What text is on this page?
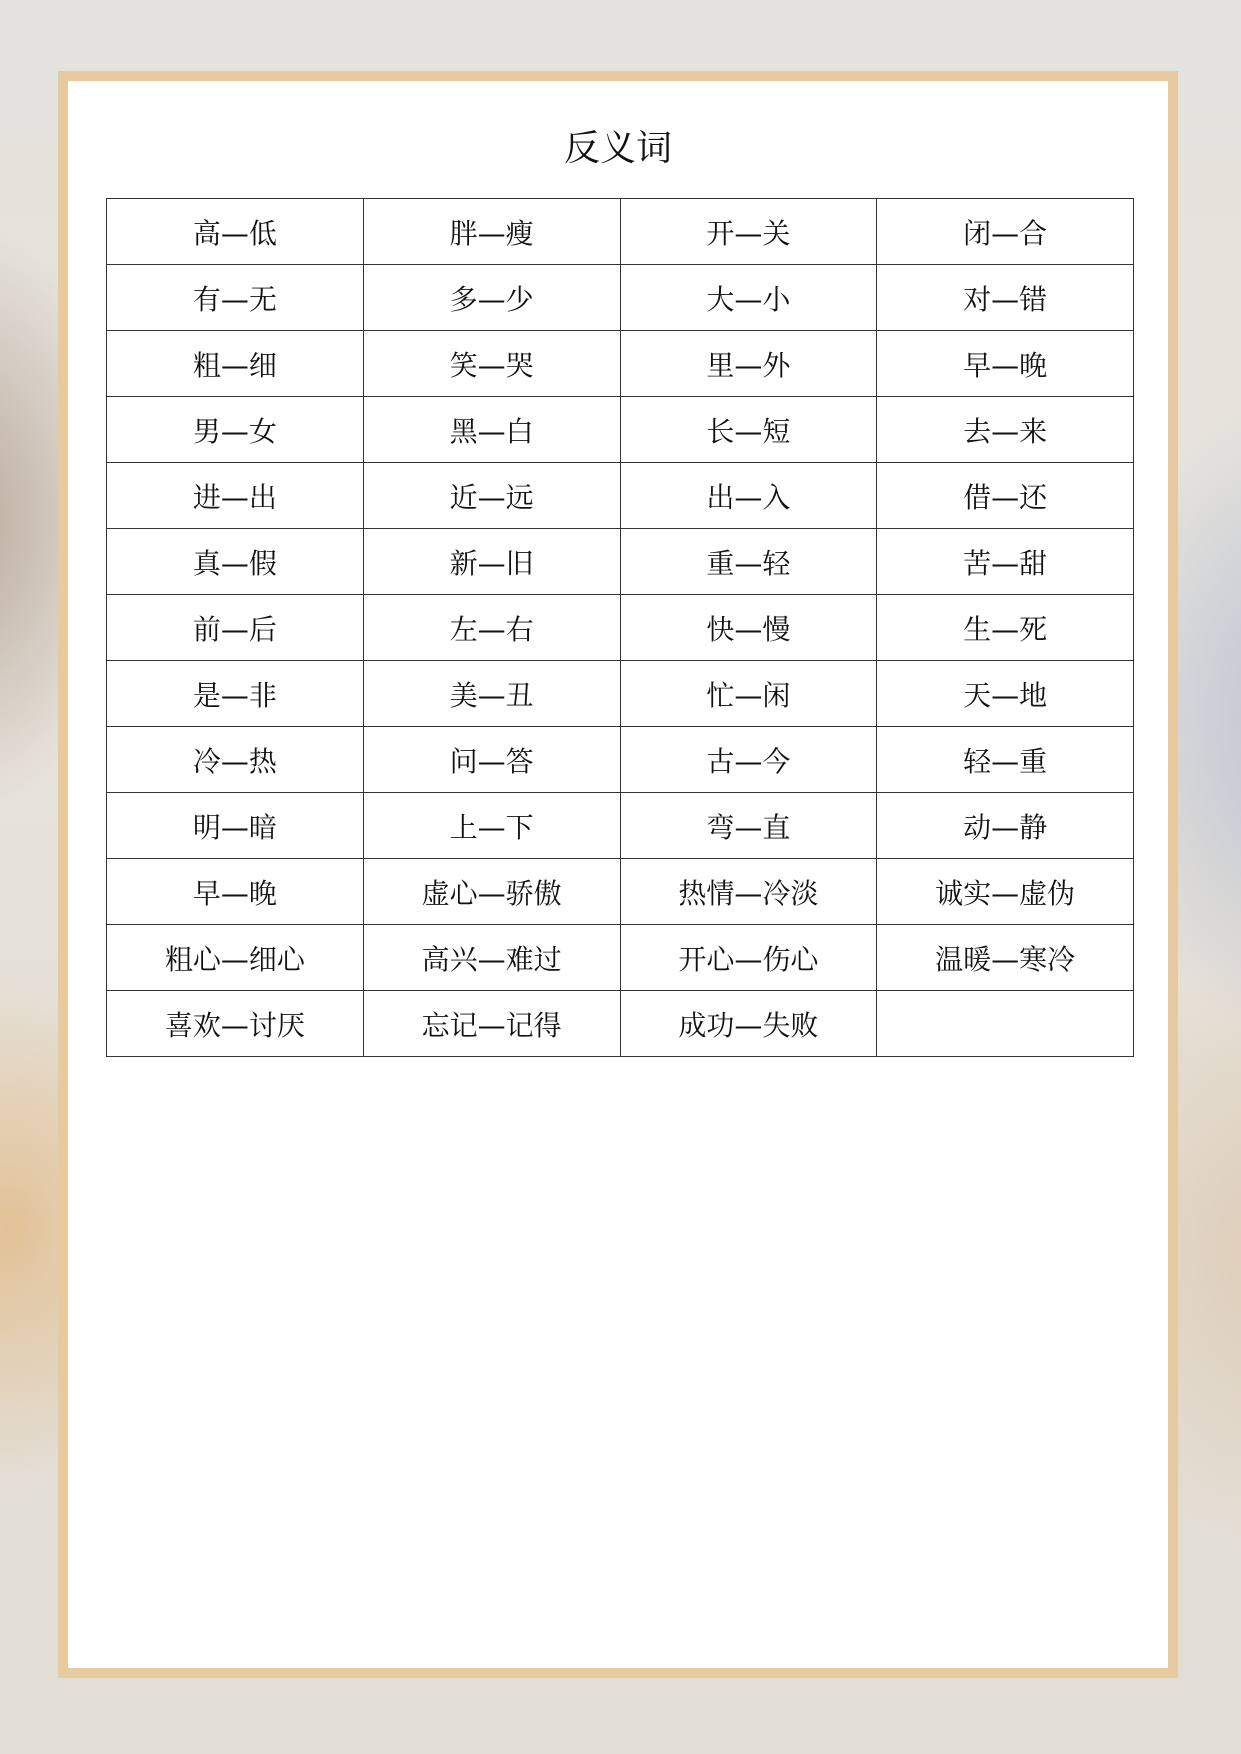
反义词
高—低	胖—瘦	开—关	闭—合
有—无	多—少	大—小	对—错
粗—细	笑—哭	里—外	早—晚
男—女	黑—白	长—短	去—来
进—出	近—远	出—入	借—还
真—假	新—旧	重—轻	苦—甜
前—后	左—右	快—慢	生—死
是—非	美—丑	忙—闲	天—地
冷—热	问—答	古—今	轻—重
明—暗	上—下	弯—直	动—静
早—晚	虚心—骄傲	热情—冷淡	诚实—虚伪
粗心—细心	高兴—难过	开心—伤心	温暖—寒冷
喜欢—讨厌	忘记—记得	成功—失败	
